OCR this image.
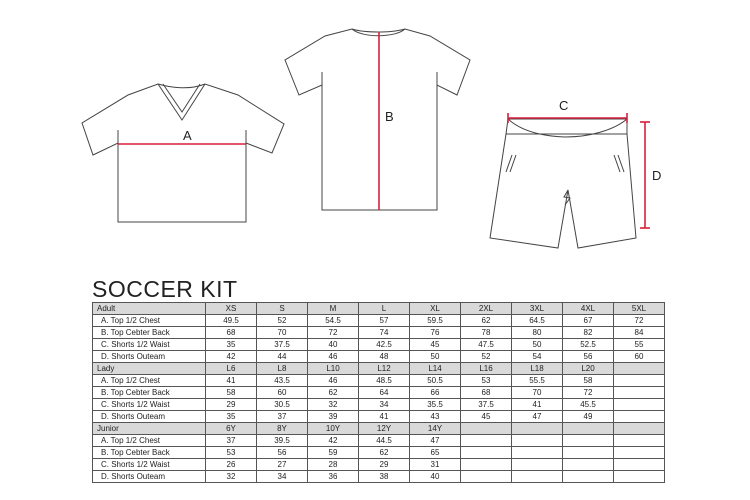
A
B
C
D
SOCCER KIT
Adult	XS	S	M	L	XL	2XL	3XL	4XL	5XL
A. Top 1/2 Chest	49.5	52	54.5	57	59.5	62	64.5	67	72
B. Top Cebter Back	68	70	72	74	76	78	80	82	84
C. Shorts 1/2 Waist	35	37.5	40	42.5	45	47.5	50	52.5	55
D. Shorts Outeam	42	44	46	48	50	52	54	56	60
Lady	L6	L8	L10	L12	L14	L16	L18	L20	
A. Top 1/2 Chest	41	43.5	46	48.5	50.5	53	55.5	58	
B. Top Cebter Back	58	60	62	64	66	68	70	72	
C. Shorts 1/2 Waist	29	30.5	32	34	35.5	37.5	41	45.5	
D. Shorts Outeam	35	37	39	41	43	45	47	49	
Junior	6Y	8Y	10Y	12Y	14Y				
A. Top 1/2 Chest	37	39.5	42	44.5	47				
B. Top Cebter Back	53	56	59	62	65				
C. Shorts 1/2 Waist	26	27	28	29	31				
D. Shorts Outeam	32	34	36	38	40				
